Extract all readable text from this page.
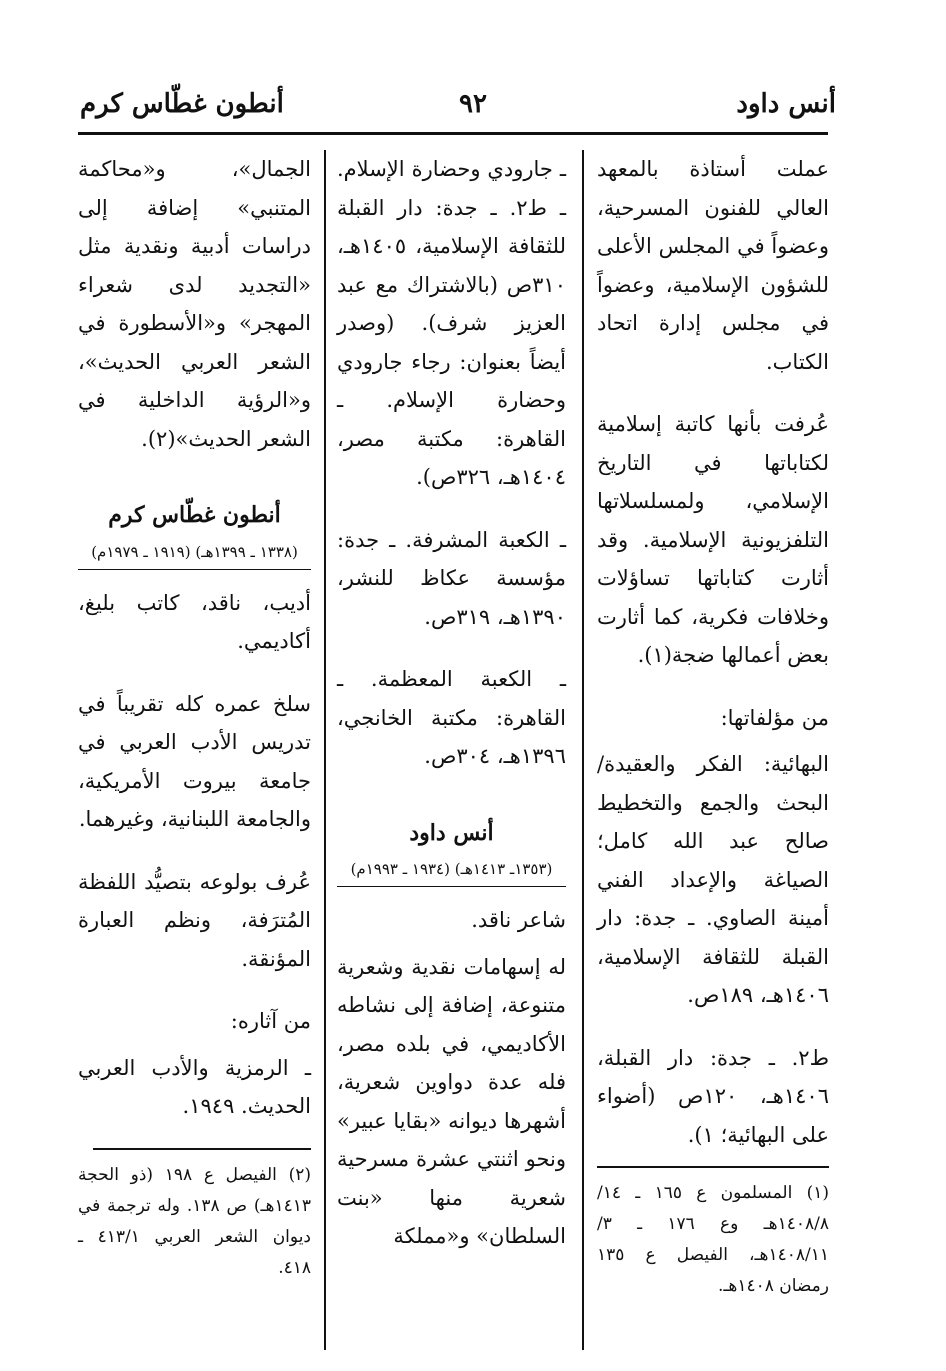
أنس داود
٩٢
أنطون غطّاس كرم

عملت أستاذة بالمعهد العالي للفنون المسرحية، وعضواً في المجلس الأعلى للشؤون الإسلامية، وعضواً في مجلس إدارة اتحاد الكتاب.

عُرفت بأنها كاتبة إسلامية لكتاباتها في التاريخ الإسلامي، ولمسلسلاتها التلفزيونية الإسلامية. وقد أثارت كتاباتها تساؤلات وخلافات فكرية، كما أثارت بعض أعمالها ضجة(١).

من مؤلفاتها:

البهائية: الفكر والعقيدة/ البحث والجمع والتخطيط صالح عبد الله كامل؛ الصياغة والإعداد الفني أمينة الصاوي. ـ جدة: دار القبلة للثقافة الإسلامية، ١٤٠٦هـ، ١٨٩ص.

ط٢. ـ جدة: دار القبلة، ١٤٠٦هـ، ١٢٠ص (أضواء على البهائية؛ ١).

(١) المسلمون ع ١٦٥ ـ ١٤/ ١٤٠٨/٨هـ وع ١٧٦ ـ ٣/ ١٤٠٨/١١هـ، الفيصل ع ١٣٥ رمضان ١٤٠٨هـ.

ـ جارودي وحضارة الإسلام. ـ ط٢. ـ جدة: دار القبلة للثقافة الإسلامية، ١٤٠٥هـ، ٣١٠ص (بالاشتراك مع عبد العزيز شرف). (وصدر أيضاً بعنوان: رجاء جارودي وحضارة الإسلام. ـ القاهرة: مكتبة مصر، ١٤٠٤هـ، ٣٢٦ص).

ـ الكعبة المشرفة. ـ جدة: مؤسسة عكاظ للنشر، ١٣٩٠هـ، ٣١٩ص.

ـ الكعبة المعظمة. ـ القاهرة: مكتبة الخانجي، ١٣٩٦هـ، ٣٠٤ص.

أنس داود
(١٣٥٣ـ ١٤١٣هـ) (١٩٣٤ ـ ١٩٩٣م)

شاعر ناقد.

له إسهامات نقدية وشعرية متنوعة، إضافة إلى نشاطه الأكاديمي، في بلده مصر، فله عدة دواوين شعرية، أشهرها ديوانه «بقايا عبير» ونحو اثنتي عشرة مسرحية شعرية منها «بنت السلطان» و«مملكة

الجمال»، و«محاكمة المتنبي» إضافة إلى دراسات أدبية ونقدية مثل «التجديد لدى شعراء المهجر» و«الأسطورة في الشعر العربي الحديث»، و«الرؤية الداخلية في الشعر الحديث»(٢).

أنطون غطّاس كرم
(١٣٣٨ ـ ١٣٩٩هـ) (١٩١٩ ـ ١٩٧٩م)

أديب، ناقد، كاتب بليغ، أكاديمي.

سلخ عمره كله تقريباً في تدريس الأدب العربي في جامعة بيروت الأمريكية، والجامعة اللبنانية، وغيرهما.

عُرف بولوعه بتصيُّد اللفظة المُترَفة، ونظم العبارة المؤنقة.

من آثاره:

ـ الرمزية والأدب العربي الحديث. ١٩٤٩.

(٢) الفيصل ع ١٩٨ (ذو الحجة ١٤١٣هـ) ص ١٣٨. وله ترجمة في ديوان الشعر العربي ٤١٣/١ ـ ٤١٨.
